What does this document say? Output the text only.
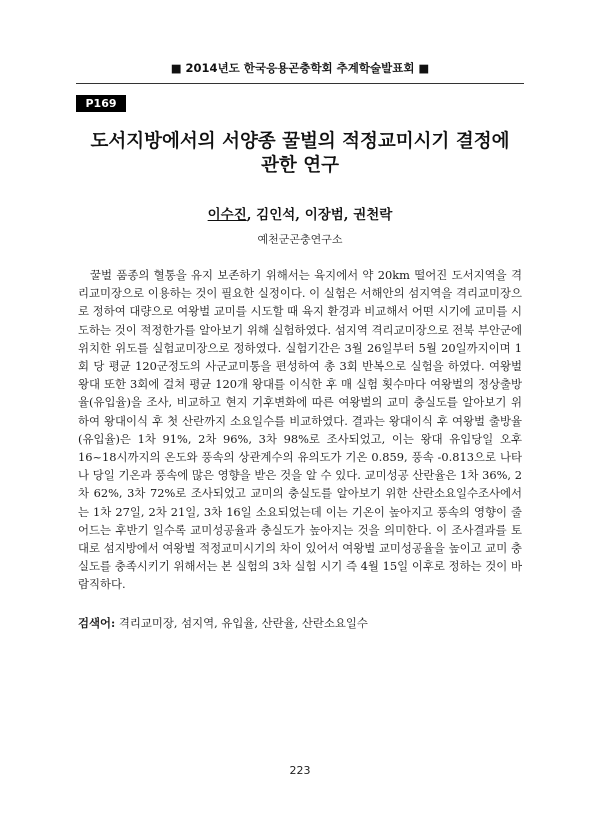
■ 2014년도 한국응용곤충학회 추계학술발표회 ■
P169
도서지방에서의 서양종 꿀벌의 적정교미시기 결정에
관한 연구
이수진, 김인석, 이장범, 권천락
예천군곤충연구소

꿀벌 품종의 혈통을 유지 보존하기 위해서는 육지에서 약 20km 떨어진 도서지역을 격리교미장으로 이용하는 것이 필요한 실정이다. 이 실험은 서해안의 섬지역을 격리교미장으로 정하여 대량으로 여왕벌 교미를 시도할 때 육지 환경과 비교해서 어떤 시기에 교미를 시도하는 것이 적정한가를 알아보기 위해 실험하였다. 섬지역 격리교미장으로 전북 부안군에 위치한 위도를 실험교미장으로 정하였다. 실험기간은 3월 26일부터 5월 20일까지이며 1회 당 평균 120군정도의 사군교미통을 편성하여 총 3회 반복으로 실험을 하였다. 여왕벌 왕대 또한 3회에 걸쳐 평균 120개 왕대를 이식한 후 매 실험 횟수마다 여왕벌의 정상출방율(유입율)을 조사, 비교하고 현지 기후변화에 따른 여왕벌의 교미 충실도를 알아보기 위하여 왕대이식 후 첫 산란까지 소요일수를 비교하였다. 결과는 왕대이식 후 여왕벌 출방율(유입율)은 1차 91%, 2차 96%, 3차 98%로 조사되었고, 이는 왕대 유입당일 오후 16~18시까지의 온도와 풍속의 상관계수의 유의도가 기온 0.859, 풍속 -0.813으로 나타나 당일 기온과 풍속에 많은 영향을 받은 것을 알 수 있다. 교미성공 산란율은 1차 36%, 2차 62%, 3차 72%로 조사되었고 교미의 충실도를 알아보기 위한 산란소요일수조사에서는 1차 27일, 2차 21일, 3차 16일 소요되었는데 이는 기온이 높아지고 풍속의 영향이 줄어드는 후반기 일수록 교미성공율과 충실도가 높아지는 것을 의미한다. 이 조사결과를 토대로 섬지방에서 여왕벌 적정교미시기의 차이 있어서 여왕벌 교미성공율을 높이고 교미 충실도를 충족시키기 위해서는 본 실험의 3차 실험 시기 즉 4월 15일 이후로 정하는 것이 바람직하다.

검색어: 격리교미장, 섬지역, 유입율, 산란율, 산란소요일수
223
